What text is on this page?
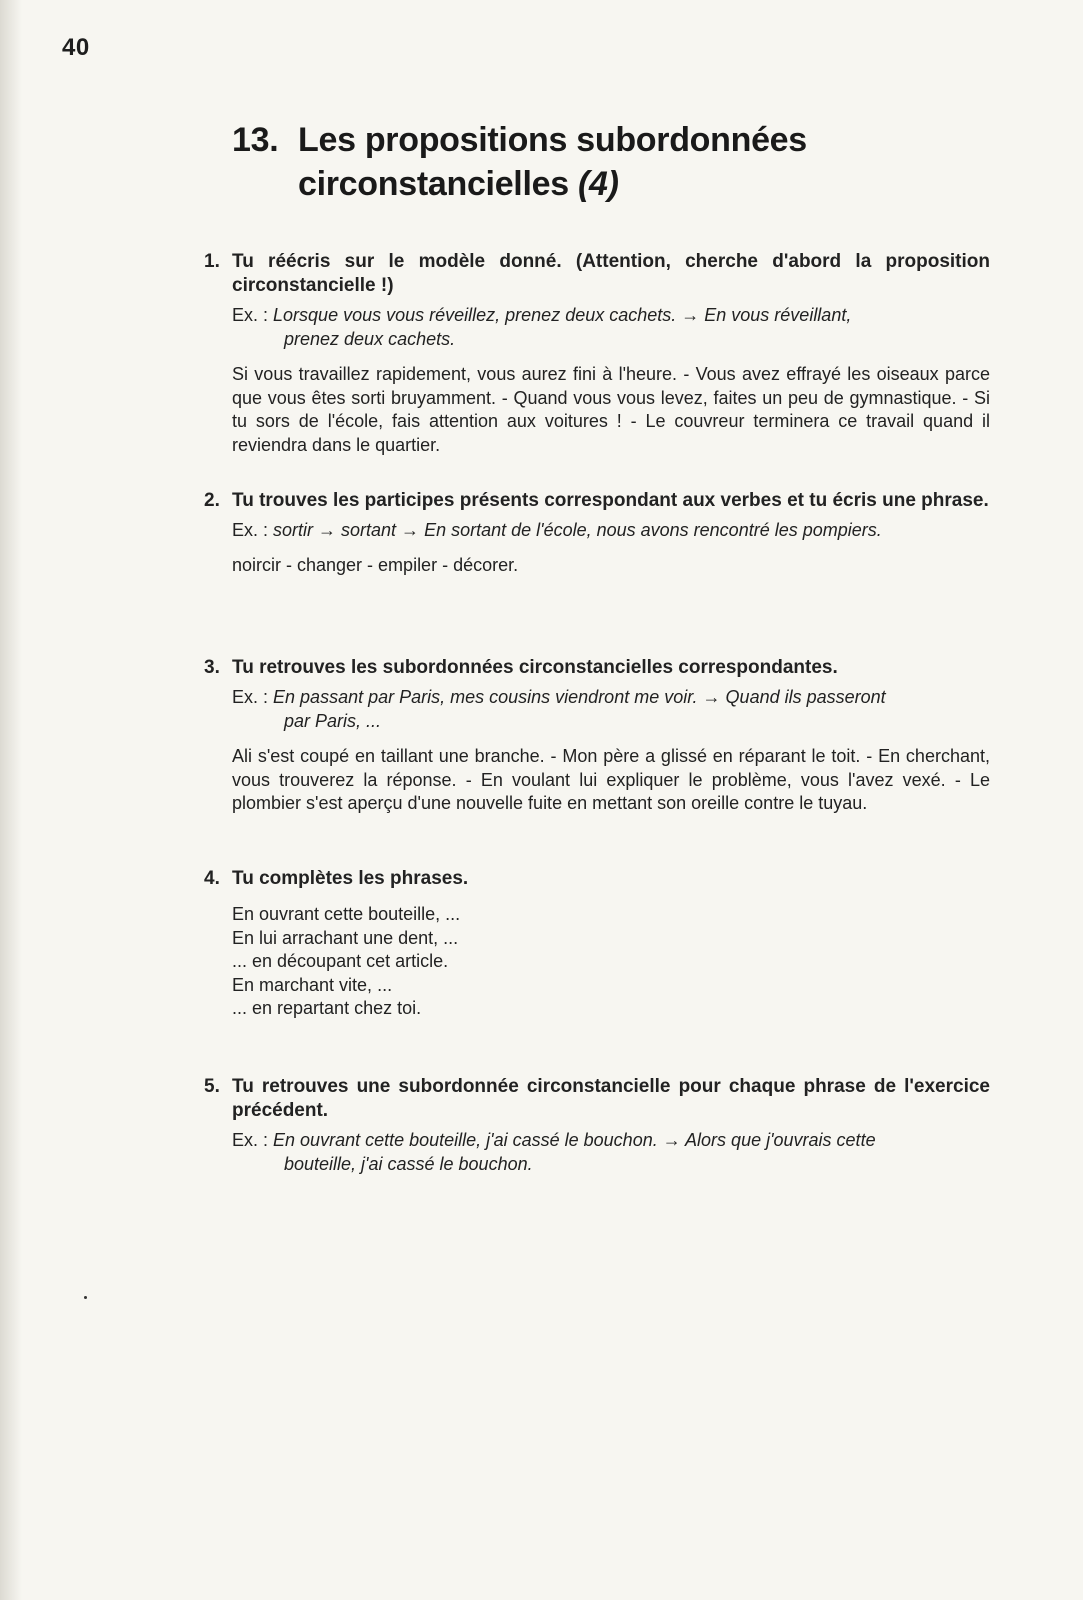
40
13. Les propositions subordonnées
circonstancielles (4)
1. Tu réécris sur le modèle donné. (Attention, cherche d'abord la proposition circonstancielle !)
Ex. : Lorsque vous vous réveillez, prenez deux cachets. → En vous réveillant,
prenez deux cachets.
Si vous travaillez rapidement, vous aurez fini à l'heure. - Vous avez effrayé les oiseaux parce que vous êtes sorti bruyamment. - Quand vous vous levez, faites un peu de gymnastique. - Si tu sors de l'école, fais attention aux voitures ! - Le couvreur terminera ce travail quand il reviendra dans le quartier.
2. Tu trouves les participes présents correspondant aux verbes et tu écris une phrase.
Ex. : sortir → sortant → En sortant de l'école, nous avons rencontré les pompiers.
noircir - changer - empiler - décorer.
3. Tu retrouves les subordonnées circonstancielles correspondantes.
Ex. : En passant par Paris, mes cousins viendront me voir. → Quand ils passeront
par Paris, ...
Ali s'est coupé en taillant une branche. - Mon père a glissé en réparant le toit. - En cherchant, vous trouverez la réponse. - En voulant lui expliquer le problème, vous l'avez vexé. - Le plombier s'est aperçu d'une nouvelle fuite en mettant son oreille contre le tuyau.
4. Tu complètes les phrases.
En ouvrant cette bouteille, ...
En lui arrachant une dent, ...
... en découpant cet article.
En marchant vite, ...
... en repartant chez toi.
5. Tu retrouves une subordonnée circonstancielle pour chaque phrase de l'exercice précédent.
Ex. : En ouvrant cette bouteille, j'ai cassé le bouchon. → Alors que j'ouvrais cette
bouteille, j'ai cassé le bouchon.
